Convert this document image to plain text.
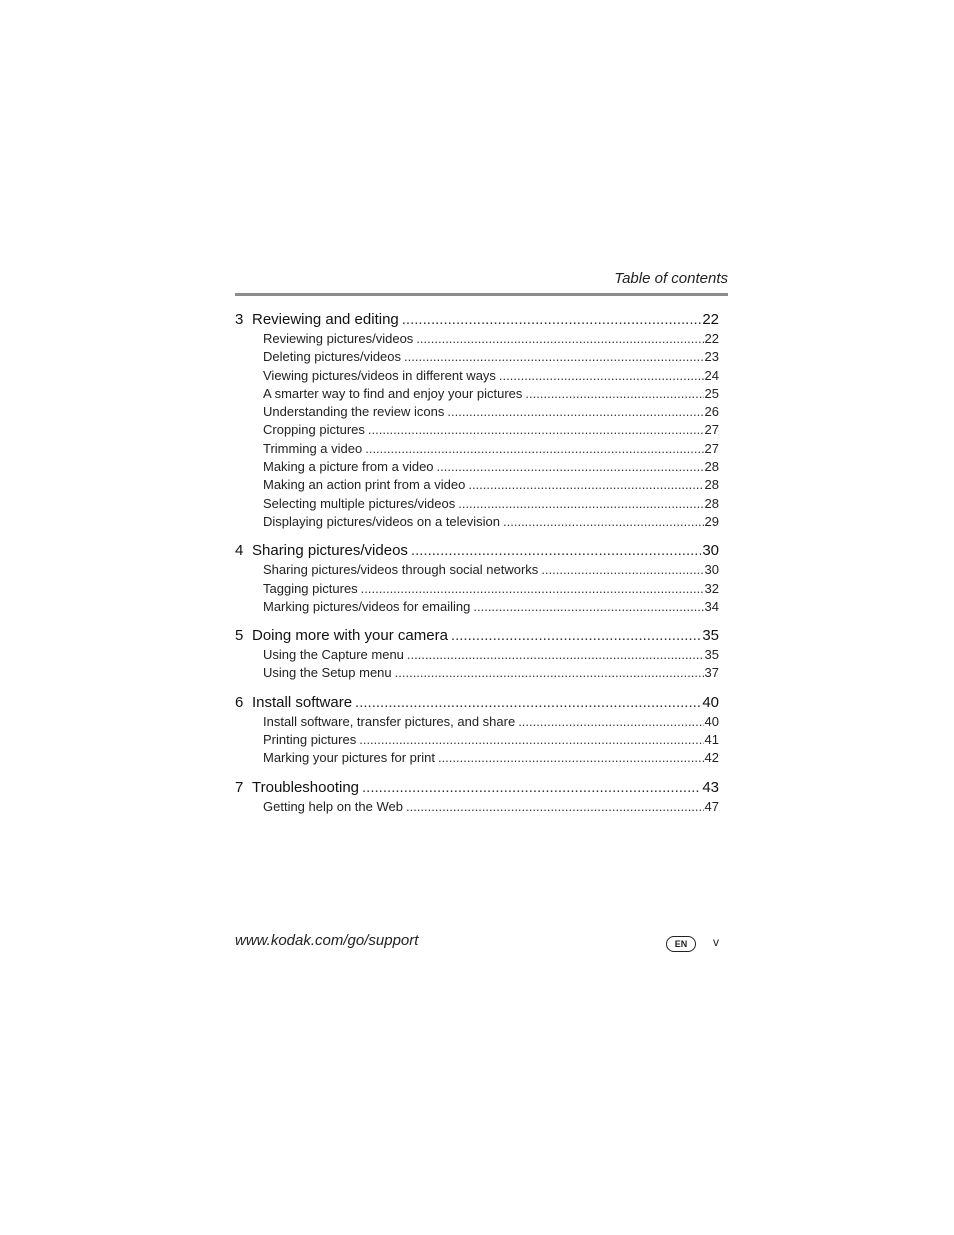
Table of contents
3 Reviewing and editing .....	22
Reviewing pictures/videos .....	22
Deleting pictures/videos .....	23
Viewing pictures/videos in different ways .....	24
A smarter way to find and enjoy your pictures .....	25
Understanding the review icons .....	26
Cropping pictures .....	27
Trimming a video .....	27
Making a picture from a video .....	28
Making an action print from a video .....	28
Selecting multiple pictures/videos .....	28
Displaying pictures/videos on a television .....	29
4 Sharing pictures/videos .....	30
Sharing pictures/videos through social networks .....	30
Tagging pictures .....	32
Marking pictures/videos for emailing .....	34
5 Doing more with your camera .....	35
Using the Capture menu .....	35
Using the Setup menu .....	37
6 Install software .....	40
Install software, transfer pictures, and share .....	40
Printing pictures .....	41
Marking your pictures for print .....	42
7 Troubleshooting .....	43
Getting help on the Web .....	47
www.kodak.com/go/support	EN	v
